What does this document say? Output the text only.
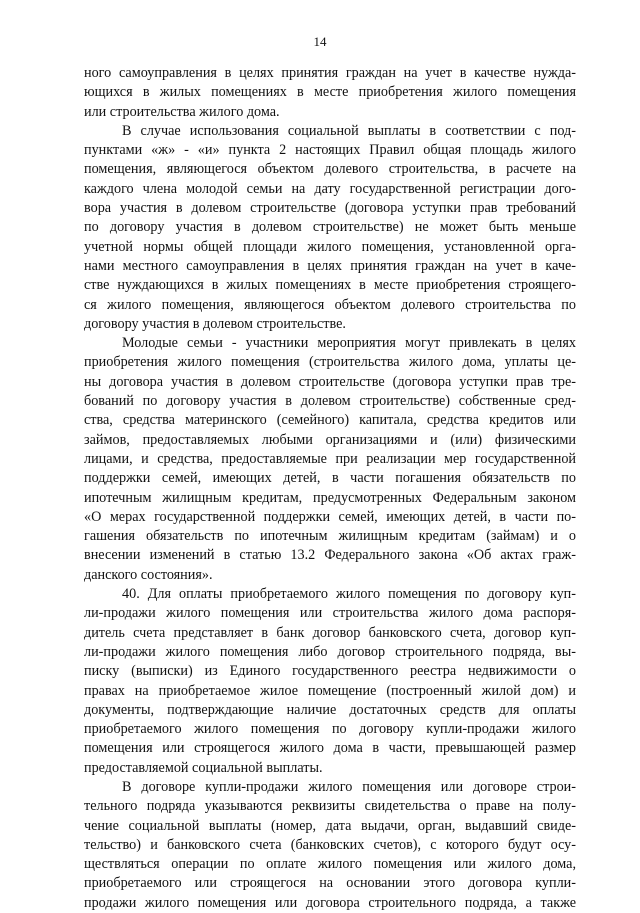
14
ного самоуправления в целях принятия граждан на учет в качестве нужда-
ющихся в жилых помещениях в месте приобретения жилого помещения
или строительства жилого дома.
В случае использования социальной выплаты в соответствии с под-
пунктами «ж» - «и» пункта 2 настоящих Правил общая площадь жилого
помещения, являющегося объектом долевого строительства, в расчете на
каждого члена молодой семьи на дату государственной регистрации дого-
вора участия в долевом строительстве (договора уступки прав требований
по договору участия в долевом строительстве) не может быть меньше
учетной нормы общей площади жилого помещения, установленной орга-
нами местного самоуправления в целях принятия граждан на учет в каче-
стве нуждающихся в жилых помещениях в месте приобретения строящего-
ся жилого помещения, являющегося объектом долевого строительства по
договору участия в долевом строительстве.
Молодые семьи - участники мероприятия могут привлекать в целях
приобретения жилого помещения (строительства жилого дома, уплаты це-
ны договора участия в долевом строительстве (договора уступки прав тре-
бований по договору участия в долевом строительстве) собственные сред-
ства, средства материнского (семейного) капитала, средства кредитов или
займов, предоставляемых любыми организациями и (или) физическими
лицами, и средства, предоставляемые при реализации мер государственной
поддержки семей, имеющих детей, в части погашения обязательств по
ипотечным жилищным кредитам, предусмотренных Федеральным законом
«О мерах государственной поддержки семей, имеющих детей, в части по-
гашения обязательств по ипотечным жилищным кредитам (займам) и о
внесении изменений в статью 13.2 Федерального закона «Об актах граж-
данского состояния».
40. Для оплаты приобретаемого жилого помещения по договору куп-
ли-продажи жилого помещения или строительства жилого дома распоря-
дитель счета представляет в банк договор банковского счета, договор куп-
ли-продажи жилого помещения либо договор строительного подряда, вы-
писку (выписки) из Единого государственного реестра недвижимости о
правах на приобретаемое жилое помещение (построенный жилой дом) и
документы, подтверждающие наличие достаточных средств для оплаты
приобретаемого жилого помещения по договору купли-продажи жилого
помещения или строящегося жилого дома в части, превышающей размер
предоставляемой социальной выплаты.
В договоре купли-продажи жилого помещения или договоре строи-
тельного подряда указываются реквизиты свидетельства о праве на полу-
чение социальной выплаты (номер, дата выдачи, орган, выдавший свиде-
тельство) и банковского счета (банковских счетов), с которого будут осу-
ществляться операции по оплате жилого помещения или жилого дома,
приобретаемого или строящегося на основании этого договора купли-
продажи жилого помещения или договора строительного подряда, а также
